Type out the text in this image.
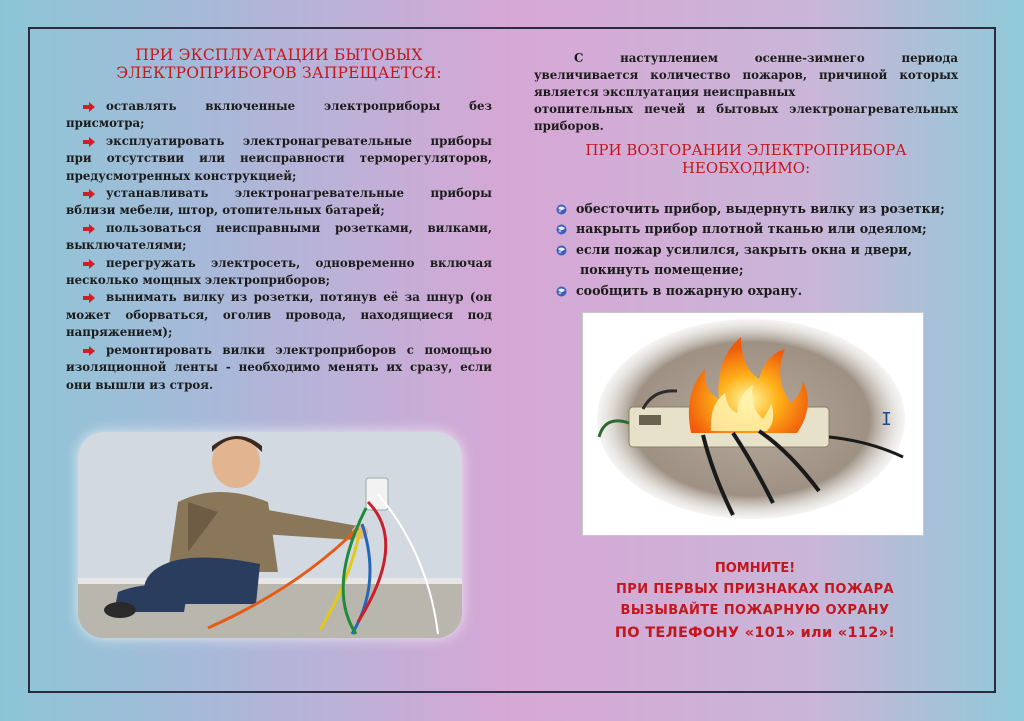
ПРИ ЭКСПЛУАТАЦИИ БЫТОВЫХ
ЭЛЕКТРОПРИБОРОВ ЗАПРЕЩАЕТСЯ:
оставлять включенные электроприборы без присмотра;
эксплуатировать электронагревательные приборы при отсутствии или неисправности терморегуляторов, предусмотренных конструкцией;
устанавливать электронагревательные приборы вблизи мебели, штор, отопительных батарей;
пользоваться неисправными розетками, вилками, выключателями;
перегружать электросеть, одновременно включая несколько мощных электроприборов;
вынимать вилку из розетки, потянув её за шнур (он может оборваться, оголив провода, находящиеся под напряжением);
ремонтировать вилки электроприборов с помощью изоляционной ленты - необходимо менять их сразу, если они вышли из строя.

С наступлением осенне-зимнего периода увеличивается количество пожаров, причиной которых является эксплуатация неисправных
отопительных печей и бытовых электронагревательных приборов.

ПРИ ВОЗГОРАНИИ ЭЛЕКТРОПРИБОРА
НЕОБХОДИМО:
обесточить прибор, выдернуть вилку из розетки;
накрыть прибор плотной тканью или одеялом;
если пожар усилился, закрыть окна и двери,
покинуть помещение;
сообщить в пожарную охрану.
I
ПОМНИТЕ!
ПРИ ПЕРВЫХ ПРИЗНАКАХ ПОЖАРА
ВЫЗЫВАЙТЕ ПОЖАРНУЮ ОХРАНУ
ПО ТЕЛЕФОНУ «101» или «112»!
